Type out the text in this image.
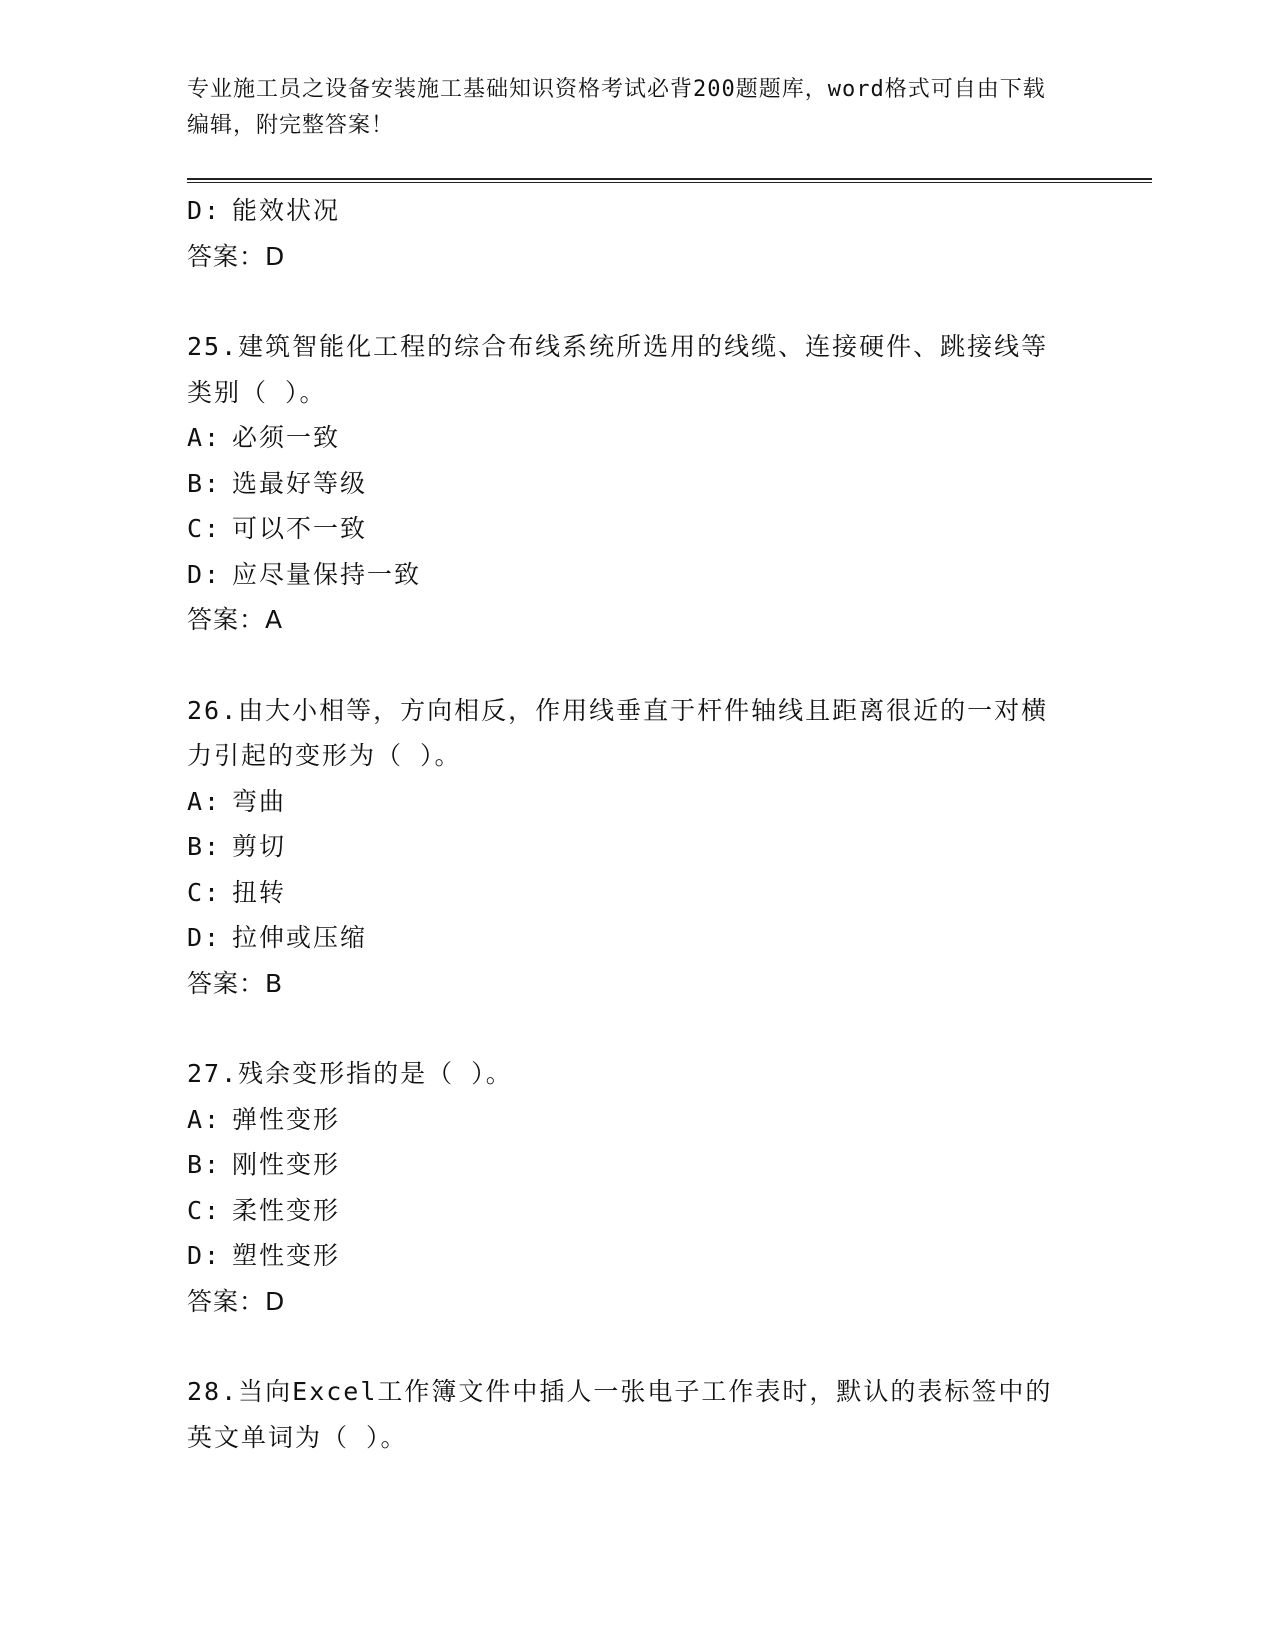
专业施工员之设备安装施工基础知识资格考试必背200题题库，word格式可自由下载编辑，附完整答案！
D: 能效状况
答案：D
25.建筑智能化工程的综合布线系统所选用的线缆、连接硬件、跳接线等类别（ ）。
A: 必须一致
B: 选最好等级
C: 可以不一致
D: 应尽量保持一致
答案：A
26.由大小相等，方向相反，作用线垂直于杆件轴线且距离很近的一对横力引起的变形为（ ）。
A: 弯曲
B: 剪切
C: 扭转
D: 拉伸或压缩
答案：B
27.残余变形指的是（ ）。
A: 弹性变形
B: 刚性变形
C: 柔性变形
D: 塑性变形
答案：D
28.当向Excel工作簿文件中插人一张电子工作表时，默认的表标签中的英文单词为（ ）。
